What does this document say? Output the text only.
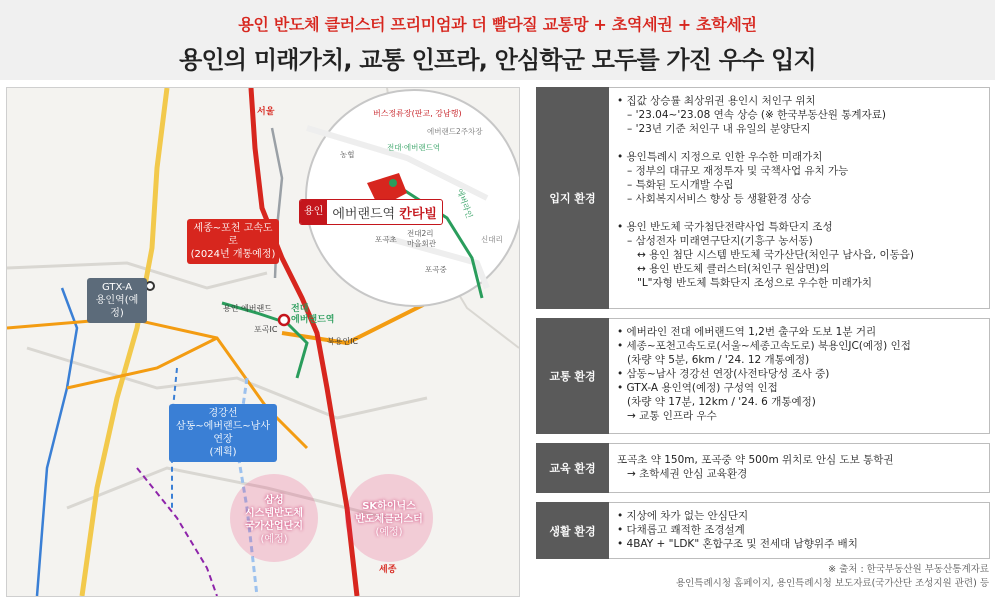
용인 반도체 클러스터 프리미엄과 더 빨라질 교통망 + 초역세권 + 초학세권
용인의 미래가치, 교통 인프라, 안심학군 모두를 가진 우수 입지
버스정류장(판교, 강남행)
에버랜드2주차장
전대·에버랜드역
에버라인
농협
포곡초
포곡중
전대2리
마을회관	신대리
용인 에버랜드역 칸타빌
세종~포천 고속도로
(2024년 개통예정)
GTX-A
용인역(예정)
경강선
삼동~에버랜드~남사 연장
(계획)
삼성
시스템반도체
국가산업단지
(예정)
SK하이닉스
반도체클러스터
(예정)
서울
세종
용인 에버랜드 전대
에버랜드역
북용인IC
포곡IC
입지 환경
• 집값 상승률 최상위권 용인시 처인구 위치
– '23.04~'23.08 연속 상승 (※ 한국부동산원 통계자료)
– '23년 기준 처인구 내 유일의 분양단지
• 용인특례시 지정으로 인한 우수한 미래가치
– 정부의 대규모 재정투자 및 국책사업 유치 가능
– 특화된 도시개발 수립
– 사회복지서비스 향상 등 생활환경 상승
• 용인 반도체 국가첨단전략사업 특화단지 조성
– 삼성전자 미래연구단지(기흥구 농서동)
↔ 용인 첨단 시스템 반도체 국가산단(처인구 남사읍, 이동읍)
↔ 용인 반도체 클러스터(처인구 원삼면)의
"L"자형 반도체 특화단지 조성으로 우수한 미래가치
교통 환경
• 에버라인 전대 에버랜드역 1,2번 출구와 도보 1분 거리
• 세종~포천고속도로(서울~세종고속도로) 북용인JC(예정) 인접
(차량 약 5분, 6km / '24. 12 개통예정)
• 삼동~남사 경강선 연장(사전타당성 조사 중)
• GTX-A 용인역(예정) 구성역 인접
(차량 약 17분, 12km / '24. 6 개통예정)
→ 교통 인프라 우수
교육 환경
포곡초 약 150m, 포곡중 약 500m 위치로 안심 도보 통학권
→ 초학세권 안심 교육환경
생활 환경
• 지상에 차가 없는 안심단지
• 다채롭고 쾌적한 조경설계
• 4BAY + "LDK" 혼합구조 및 전세대 남향위주 배치
※ 출처 : 한국부동산원 부동산통계자료
용인특례시청 홈페이지, 용인특례시청 보도자료(국가산단 조성지원 관련) 등
